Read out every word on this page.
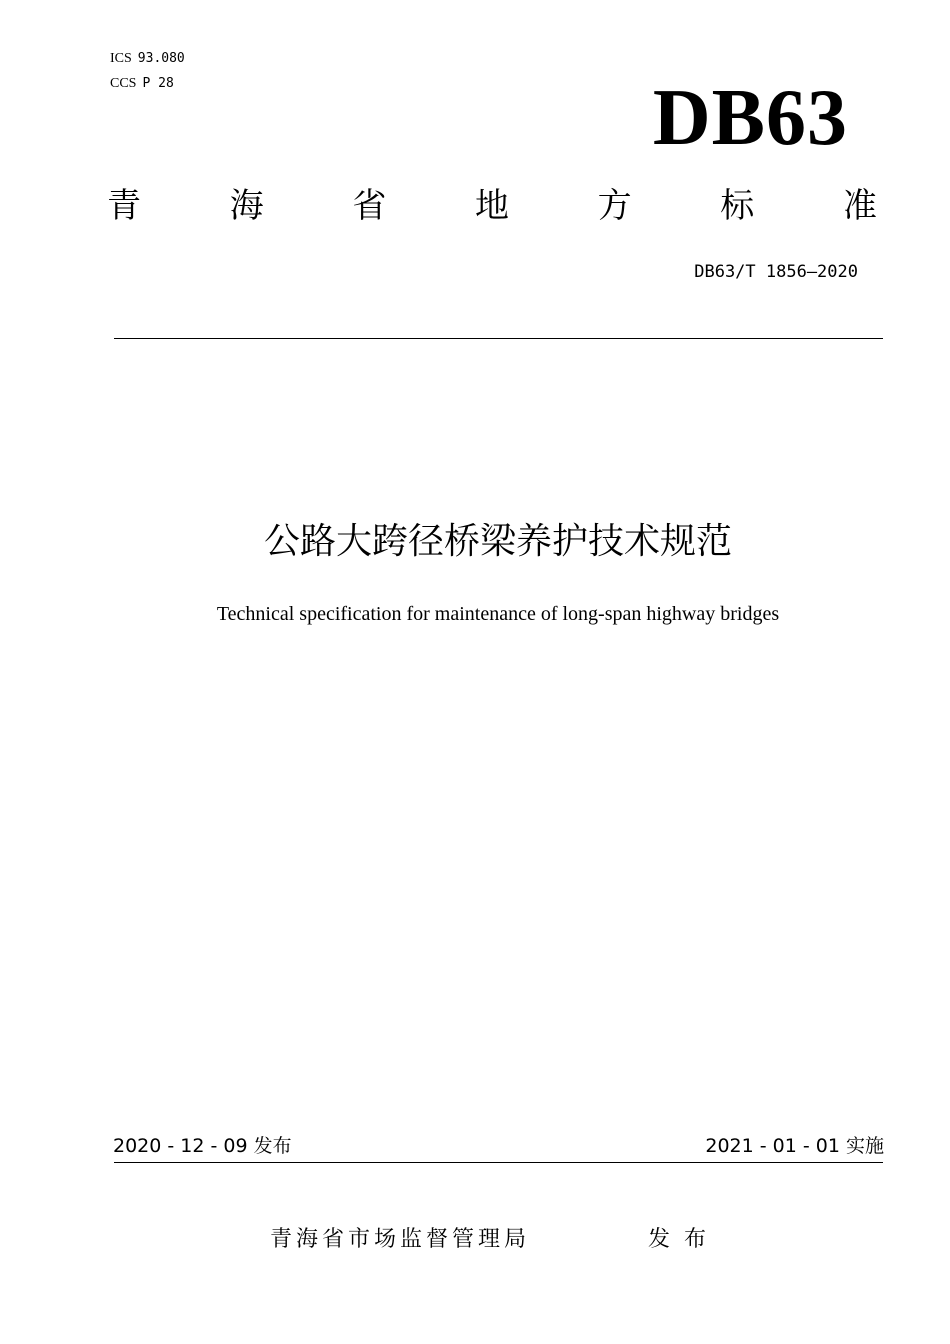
ICS 93.080
CCS P 28	DB63
青	海	省	地	方	标	准
DB63/T 1856—2020
公路大跨径桥梁养护技术规范
Technical specification for maintenance of long-span highway bridges
2020 - 12 - 09 发布	2021 - 01 - 01 实施
青海省市场监督管理局	发布
